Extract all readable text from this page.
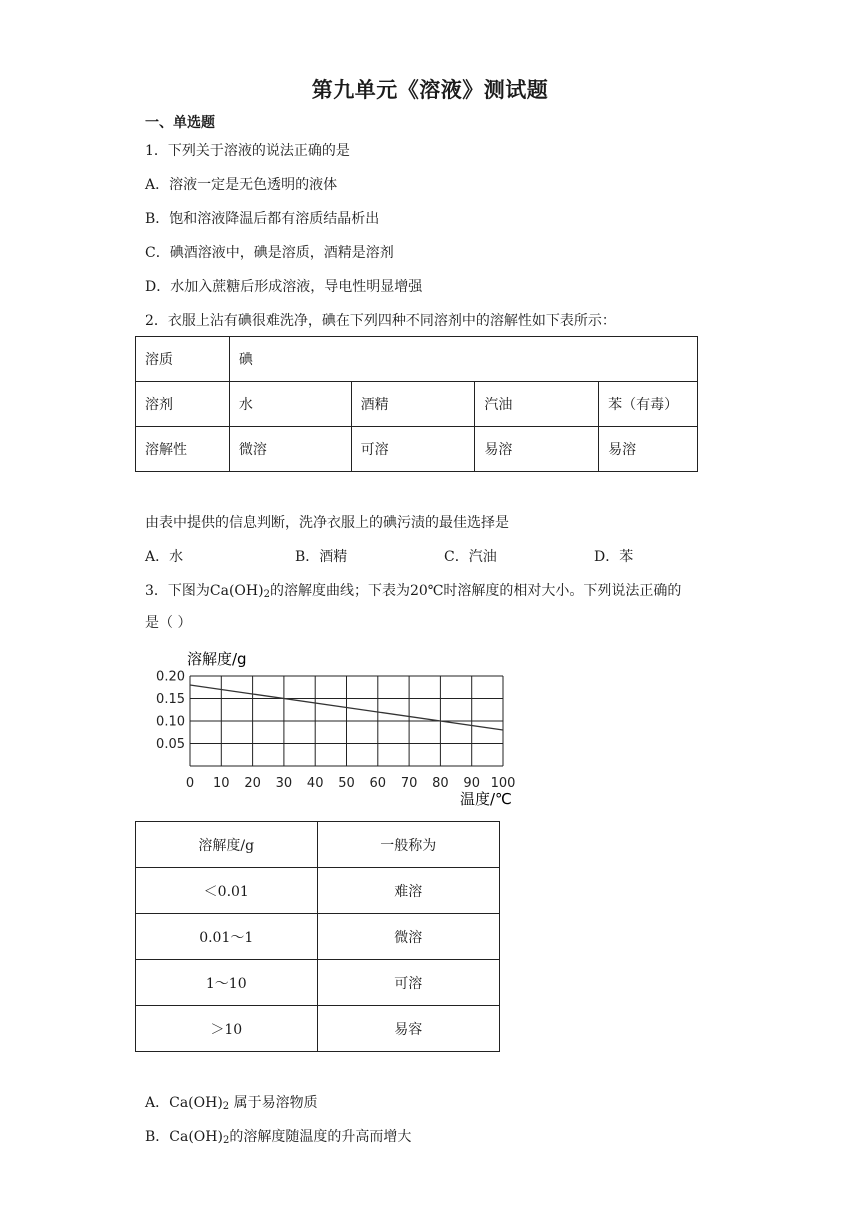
第九单元《溶液》测试题
一、单选题
1．下列关于溶液的说法正确的是
A．溶液一定是无色透明的液体
B．饱和溶液降温后都有溶质结晶析出
C．碘酒溶液中，碘是溶质，酒精是溶剂
D．水加入蔗糖后形成溶液，导电性明显增强
2．衣服上沾有碘很难洗净，碘在下列四种不同溶剂中的溶解性如下表所示：
溶质	碘			
溶剂	水	酒精	汽油	苯（有毒）
溶解性	微溶	可溶	易溶	易溶
由表中提供的信息判断，洗净衣服上的碘污渍的最佳选择是
A．水	B．酒精	C．汽油	D．苯
3．下图为$Ca(OH)_2$的溶解度曲线；下表为20℃时溶解度的相对大小。下列说法正确的
是（ ）
0 10 20 30 40 50 60 70 80 90 100
0.20
0.15
0.10
0.05
溶解度/g
温度/℃
溶解度/g	一般称为
＜0.01	难溶
0.01～1	微溶
1～10	可溶
＞10	易容
A．$Ca(OH)_2$ 属于易溶物质
B．$Ca(OH)_2$的溶解度随温度的升高而增大
